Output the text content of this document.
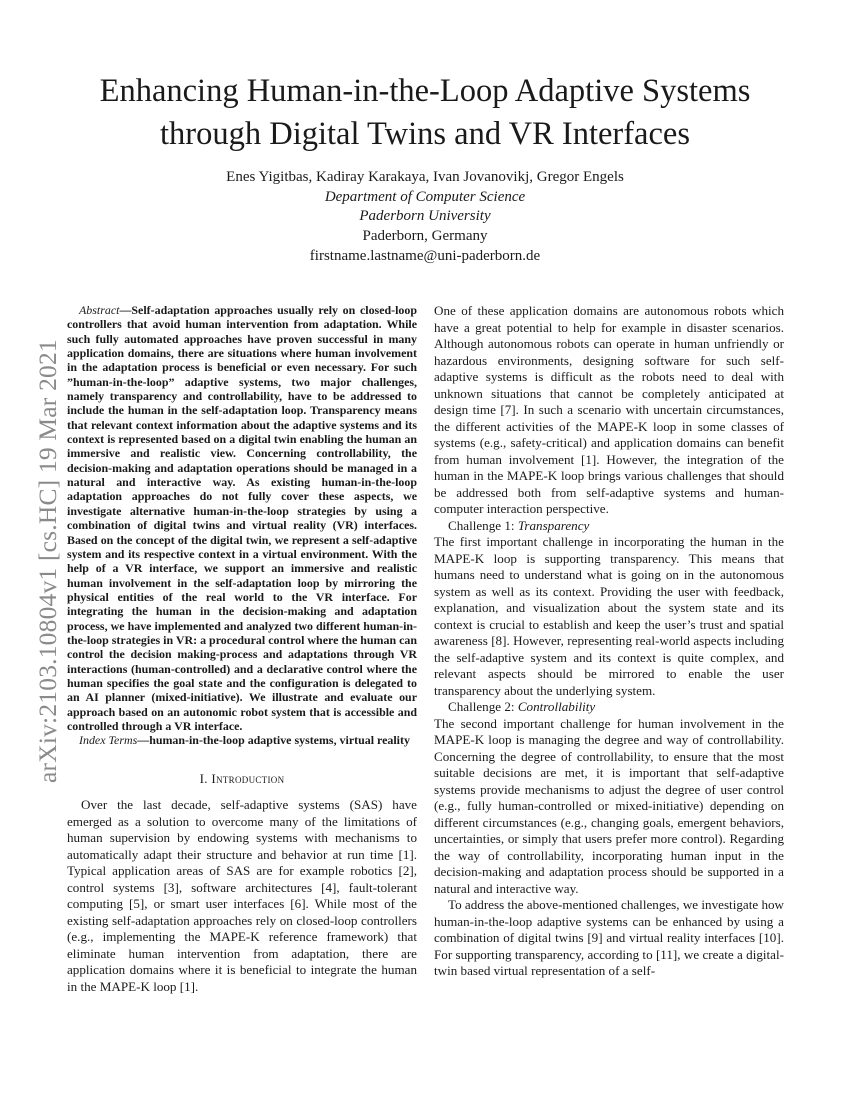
arXiv:2103.10804v1 [cs.HC] 19 Mar 2021
Enhancing Human-in-the-Loop Adaptive Systems
through Digital Twins and VR Interfaces
Enes Yigitbas, Kadiray Karakaya, Ivan Jovanovikj, Gregor Engels
Department of Computer Science
Paderborn University
Paderborn, Germany
firstname.lastname@uni-paderborn.de

Abstract—Self-adaptation approaches usually rely on closed-loop controllers that avoid human intervention from adaptation. While such fully automated approaches have proven successful in many application domains, there are situations where human involvement in the adaptation process is beneficial or even necessary. For such ”human-in-the-loop” adaptive systems, two major challenges, namely transparency and controllability, have to be addressed to include the human in the self-adaptation loop. Transparency means that relevant context information about the adaptive systems and its context is represented based on a digital twin enabling the human an immersive and realistic view. Concerning controllability, the decision-making and adaptation operations should be managed in a natural and interactive way. As existing human-in-the-loop adaptation approaches do not fully cover these aspects, we investigate alternative human-in-the-loop strategies by using a combination of digital twins and virtual reality (VR) interfaces. Based on the concept of the digital twin, we represent a self-adaptive system and its respective context in a virtual environment. With the help of a VR interface, we support an immersive and realistic human involvement in the self-adaptation loop by mirroring the physical entities of the real world to the VR interface. For integrating the human in the decision-making and adaptation process, we have implemented and analyzed two different human-in-the-loop strategies in VR: a procedural control where the human can control the decision making-process and adaptations through VR interactions (human-controlled) and a declarative control where the human specifies the goal state and the configuration is delegated to an AI planner (mixed-initiative). We illustrate and evaluate our approach based on an autonomic robot system that is accessible and controlled through a VR interface.

Index Terms—human-in-the-loop adaptive systems, virtual reality

I. Introduction

Over the last decade, self-adaptive systems (SAS) have emerged as a solution to overcome many of the limitations of human supervision by endowing systems with mechanisms to automatically adapt their structure and behavior at run time [1]. Typical application areas of SAS are for example robotics [2], control systems [3], software architectures [4], fault-tolerant computing [5], or smart user interfaces [6]. While most of the existing self-adaptation approaches rely on closed-loop controllers (e.g., implementing the MAPE-K reference framework) that eliminate human intervention from adaptation, there are application domains where it is beneficial to integrate the human in the MAPE-K loop [1].

One of these application domains are autonomous robots which have a great potential to help for example in disaster scenarios. Although autonomous robots can operate in human unfriendly or hazardous environments, designing software for such self-adaptive systems is difficult as the robots need to deal with unknown situations that cannot be completely anticipated at design time [7]. In such a scenario with uncertain circumstances, the different activities of the MAPE-K loop in some classes of systems (e.g., safety-critical) and application domains can benefit from human involvement [1]. However, the integration of the human in the MAPE-K loop brings various challenges that should be addressed both from self-adaptive systems and human-computer interaction perspective.

Challenge 1: Transparency

The first important challenge in incorporating the human in the MAPE-K loop is supporting transparency. This means that humans need to understand what is going on in the autonomous system as well as its context. Providing the user with feedback, explanation, and visualization about the system state and its context is crucial to establish and keep the user’s trust and spatial awareness [8]. However, representing real-world aspects including the self-adaptive system and its context is quite complex, and relevant aspects should be mirrored to enable the user transparency about the underlying system.

Challenge 2: Controllability

The second important challenge for human involvement in the MAPE-K loop is managing the degree and way of controllability. Concerning the degree of controllability, to ensure that the most suitable decisions are met, it is important that self-adaptive systems provide mechanisms to adjust the degree of user control (e.g., fully human-controlled or mixed-initiative) depending on different circumstances (e.g., changing goals, emergent behaviors, uncertainties, or simply that users prefer more control). Regarding the way of controllability, incorporating human input in the decision-making and adaptation process should be supported in a natural and interactive way.

To address the above-mentioned challenges, we investigate how human-in-the-loop adaptive systems can be enhanced by using a combination of digital twins [9] and virtual reality interfaces [10]. For supporting transparency, according to [11], we create a digital-twin based virtual representation of a self-
